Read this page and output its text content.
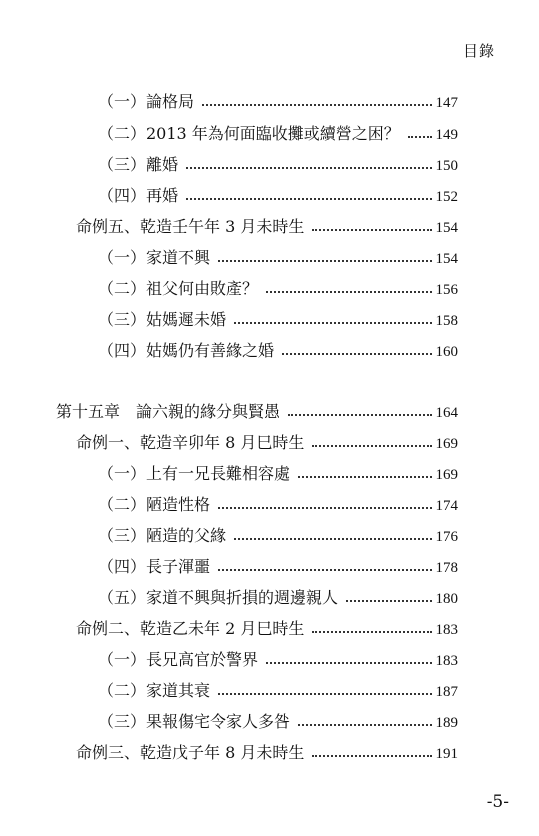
目錄
（一）論格局	147
（二）2013 年為何面臨收攤或續營之困？ 149
（三）離婚	150
（四）再婚	152
命例五、乾造壬午年 3 月未時生	154
（一）家道不興	154
（二）祖父何由敗產？	156
（三）姑媽遲未婚	158
（四）姑媽仍有善緣之婚	160
第十五章　論六親的緣分與賢愚	164
命例一、乾造辛卯年 8 月巳時生	169
（一）上有一兄長難相容處	169
（二）陋造性格	174
（三）陋造的父緣	176
（四）長子渾噩	178
（五）家道不興與折損的週邊親人	180
命例二、乾造乙未年 2 月巳時生	183
（一）長兄高官於警界	183
（二）家道其衰	187
（三）果報傷宅令家人多咎	189
命例三、乾造戊子年 8 月未時生	191
-5-
